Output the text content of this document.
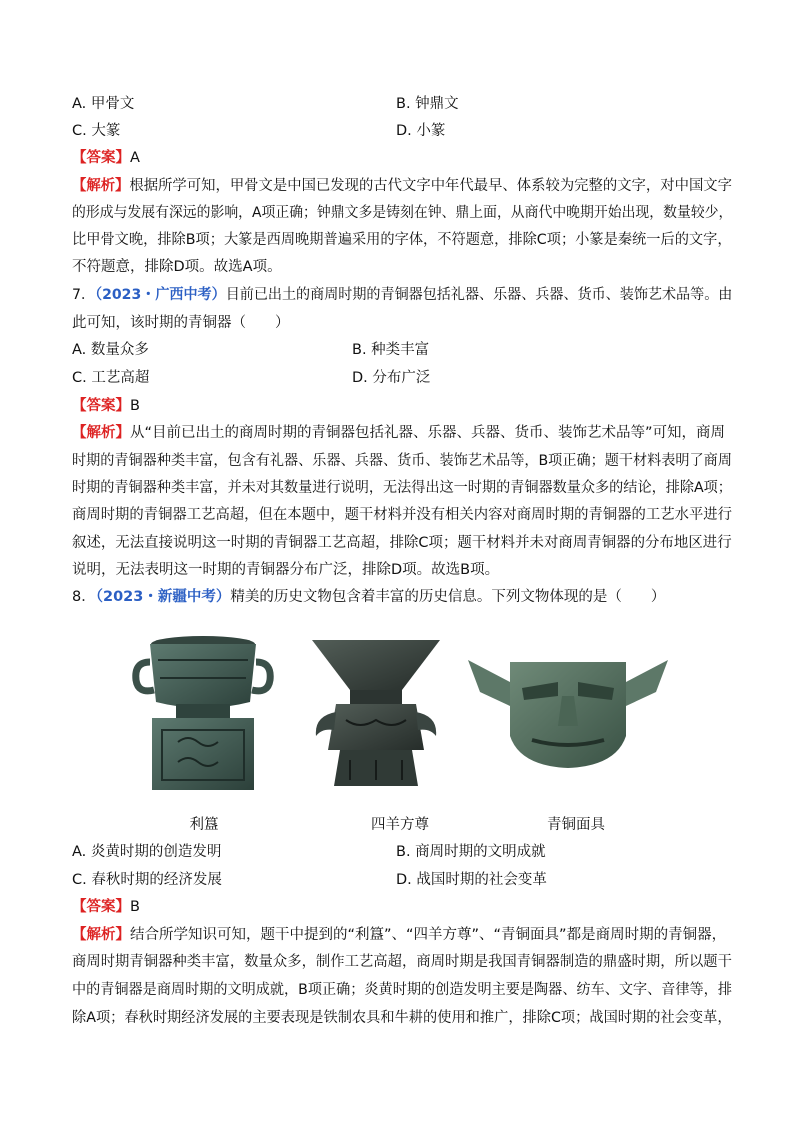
A. 甲骨文	B. 钟鼎文
C. 大篆	D. 小篆
【答案】A
【解析】根据所学可知，甲骨文是中国已发现的古代文字中年代最早、体系较为完整的文字，对中国文字
的形成与发展有深远的影响，A项正确；钟鼎文多是铸刻在钟、鼎上面，从商代中晚期开始出现，数量较少，
比甲骨文晚，排除B项；大篆是西周晚期普遍采用的字体，不符题意，排除C项；小篆是秦统一后的文字，
不符题意，排除D项。故选A项。
7．（2023・广西中考）目前已出土的商周时期的青铜器包括礼器、乐器、兵器、货币、装饰艺术品等。由
此可知，该时期的青铜器（　　）
A. 数量众多	B. 种类丰富
C. 工艺高超	D. 分布广泛
【答案】B
【解析】从“目前已出土的商周时期的青铜器包括礼器、乐器、兵器、货币、装饰艺术品等”可知，商周
时期的青铜器种类丰富，包含有礼器、乐器、兵器、货币、装饰艺术品等，B项正确；题干材料表明了商周
时期的青铜器种类丰富，并未对其数量进行说明，无法得出这一时期的青铜器数量众多的结论，排除A项；
商周时期的青铜器工艺高超，但在本题中，题干材料并没有相关内容对商周时期的青铜器的工艺水平进行
叙述，无法直接说明这一时期的青铜器工艺高超，排除C项；题干材料并未对商周青铜器的分布地区进行
说明，无法表明这一时期的青铜器分布广泛，排除D项。故选B项。
8．（2023・新疆中考）精美的历史文物包含着丰富的历史信息。下列文物体现的是（　　）
利簋	四羊方尊	青铜面具
A. 炎黄时期的创造发明	B. 商周时期的文明成就
C. 春秋时期的经济发展	D. 战国时期的社会变革
【答案】B
【解析】结合所学知识可知，题干中提到的“利簋”、“四羊方尊”、“青铜面具”都是商周时期的青铜器，
商周时期青铜器种类丰富，数量众多，制作工艺高超，商周时期是我国青铜器制造的鼎盛时期，所以题干
中的青铜器是商周时期的文明成就，B项正确；炎黄时期的创造发明主要是陶器、纺车、文字、音律等，排
除A项；春秋时期经济发展的主要表现是铁制农具和牛耕的使用和推广，排除C项；战国时期的社会变革，
